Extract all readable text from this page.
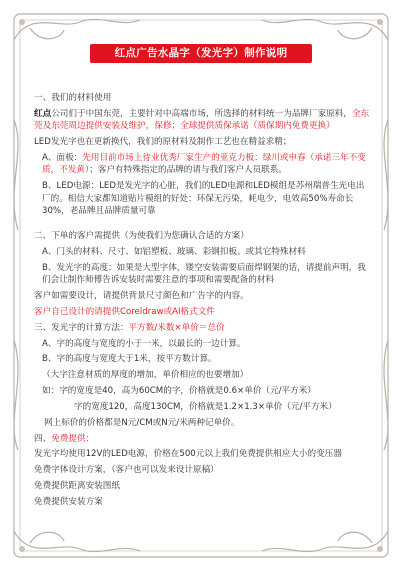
红点广告水晶字（发光字）制作说明

一、我们的材料使用

红点公司们于中国东莞，主要针对中高端市场，所选择的材料统一为品牌厂家原料，全东莞及东莞周边提供安装及维护，保修；全球提供质保承诺（质保期内免费更换）

LED发光字也在更新换代，我们的原材料及制作工艺也在精益求精；

A、面板：先用目前市场上待业优秀厂家生产的亚克力板：绿川或申春（承诺三年不变质，不发黄）；客户有特殊指定的品牌的请与我们客户人员联系。

B、LED电源：LED是发光字的心脏，我们的LED电源和LED模组是苏州瑞普生光电出厂的。相信大家都知道贴片模组的好处：环保无污染，耗电少，电效高50%寿命长30%，老品牌且品牌质量可靠

二、下单的客户需提供（为使我们为您确认合适的方案）

A、门头的材料、尺寸、如铝塑板、玻璃、彩钢扣板、或其它特殊材料

B、发光字的高度：如果是大型字体，镂空安装需要后面焊钢架的话，请提前声明，我们会让制作师傅告诉安装时需要注意的事项和需要配备的材料

客户如需要设计，请提供背景尺寸颜色和广告字的内容。

客户自己设计的请提供Coreldraw或AI格式文件

三、发光字的计算方法：平方数/米数×单价＝总价

A、字的高度与宽度的小于一米，以最长的一边计算。

B、字的高度与宽度大于1米，按平方数计算。

（大字注意材质的厚度的增加，单价相应的也要增加）

如：字的宽度是40，高为60CM的字，价格就是0.6×单价（元/平方米）

字的宽度120，高度130CM，价格就是1.2×1.3×单价（元/平方米）

网上标价的价格都是N元/CM或N元/米两种记单价。

四、免费提供：

发光字均使用12V的LED电源，价格在500元以上我们免费提供相应大小的变压器

免费字体设计方案，（客户也可以发来设计原稿）

免费提供距离安装图纸

免费提供安装方案
